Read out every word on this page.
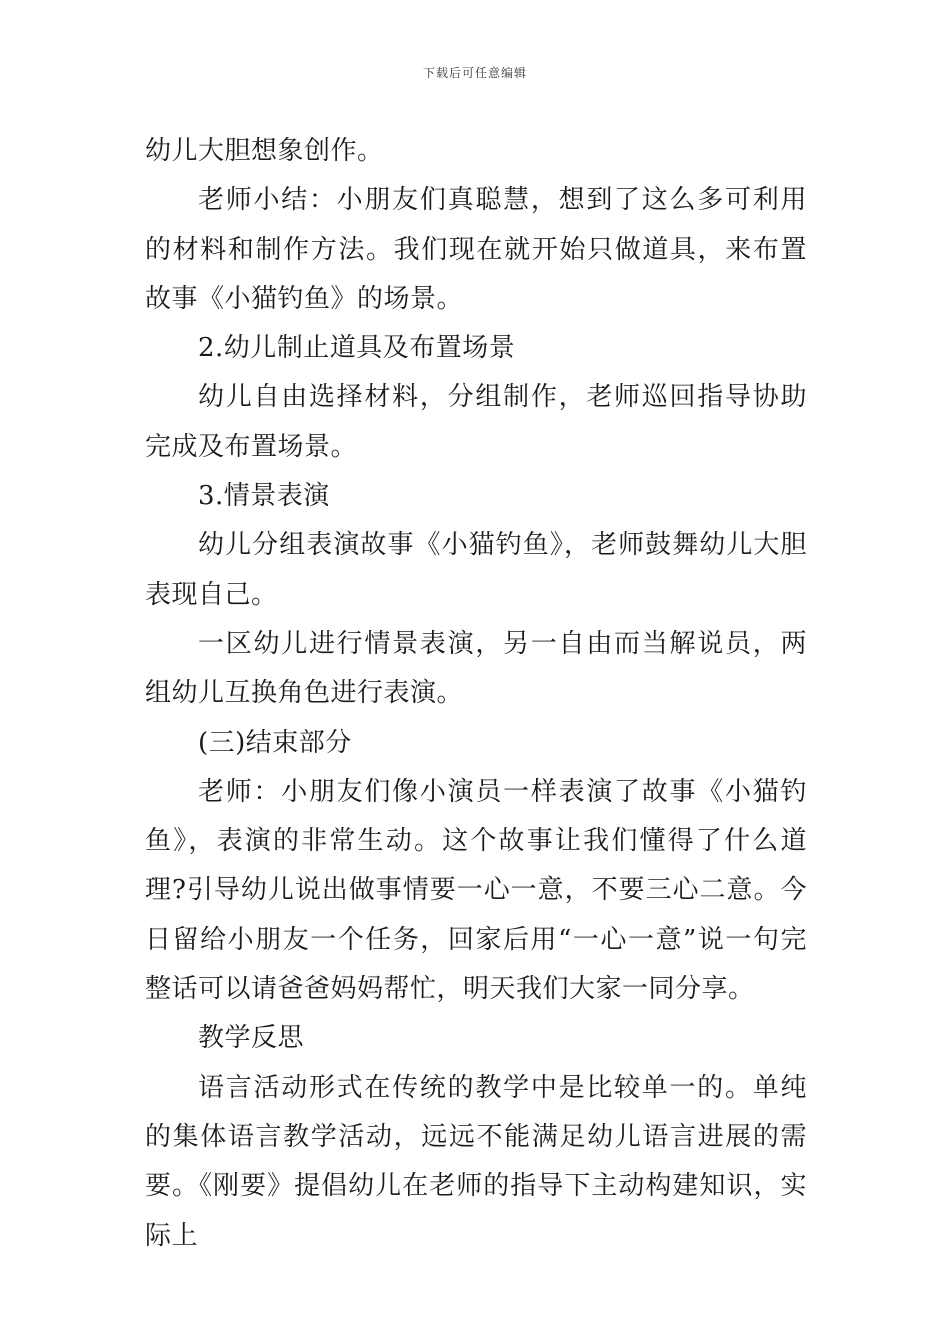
下载后可任意编辑

幼儿大胆想象创作。

老师小结：小朋友们真聪慧，想到了这么多可利用的材料和制作方法。我们现在就开始只做道具，来布置故事《小猫钓鱼》的场景。

2.幼儿制止道具及布置场景

幼儿自由选择材料，分组制作，老师巡回指导协助完成及布置场景。

3.情景表演

幼儿分组表演故事《小猫钓鱼》，老师鼓舞幼儿大胆表现自己。

一区幼儿进行情景表演，另一自由而当解说员，两组幼儿互换角色进行表演。

(三)结束部分

老师：小朋友们像小演员一样表演了故事《小猫钓鱼》，表演的非常生动。这个故事让我们懂得了什么道理?引导幼儿说出做事情要一心一意，不要三心二意。今日留给小朋友一个任务，回家后用“一心一意”说一句完整话可以请爸爸妈妈帮忙，明天我们大家一同分享。

教学反思

语言活动形式在传统的教学中是比较单一的。单纯的集体语言教学活动，远远不能满足幼儿语言进展的需要。《刚要》提倡幼儿在老师的指导下主动构建知识，实际上
